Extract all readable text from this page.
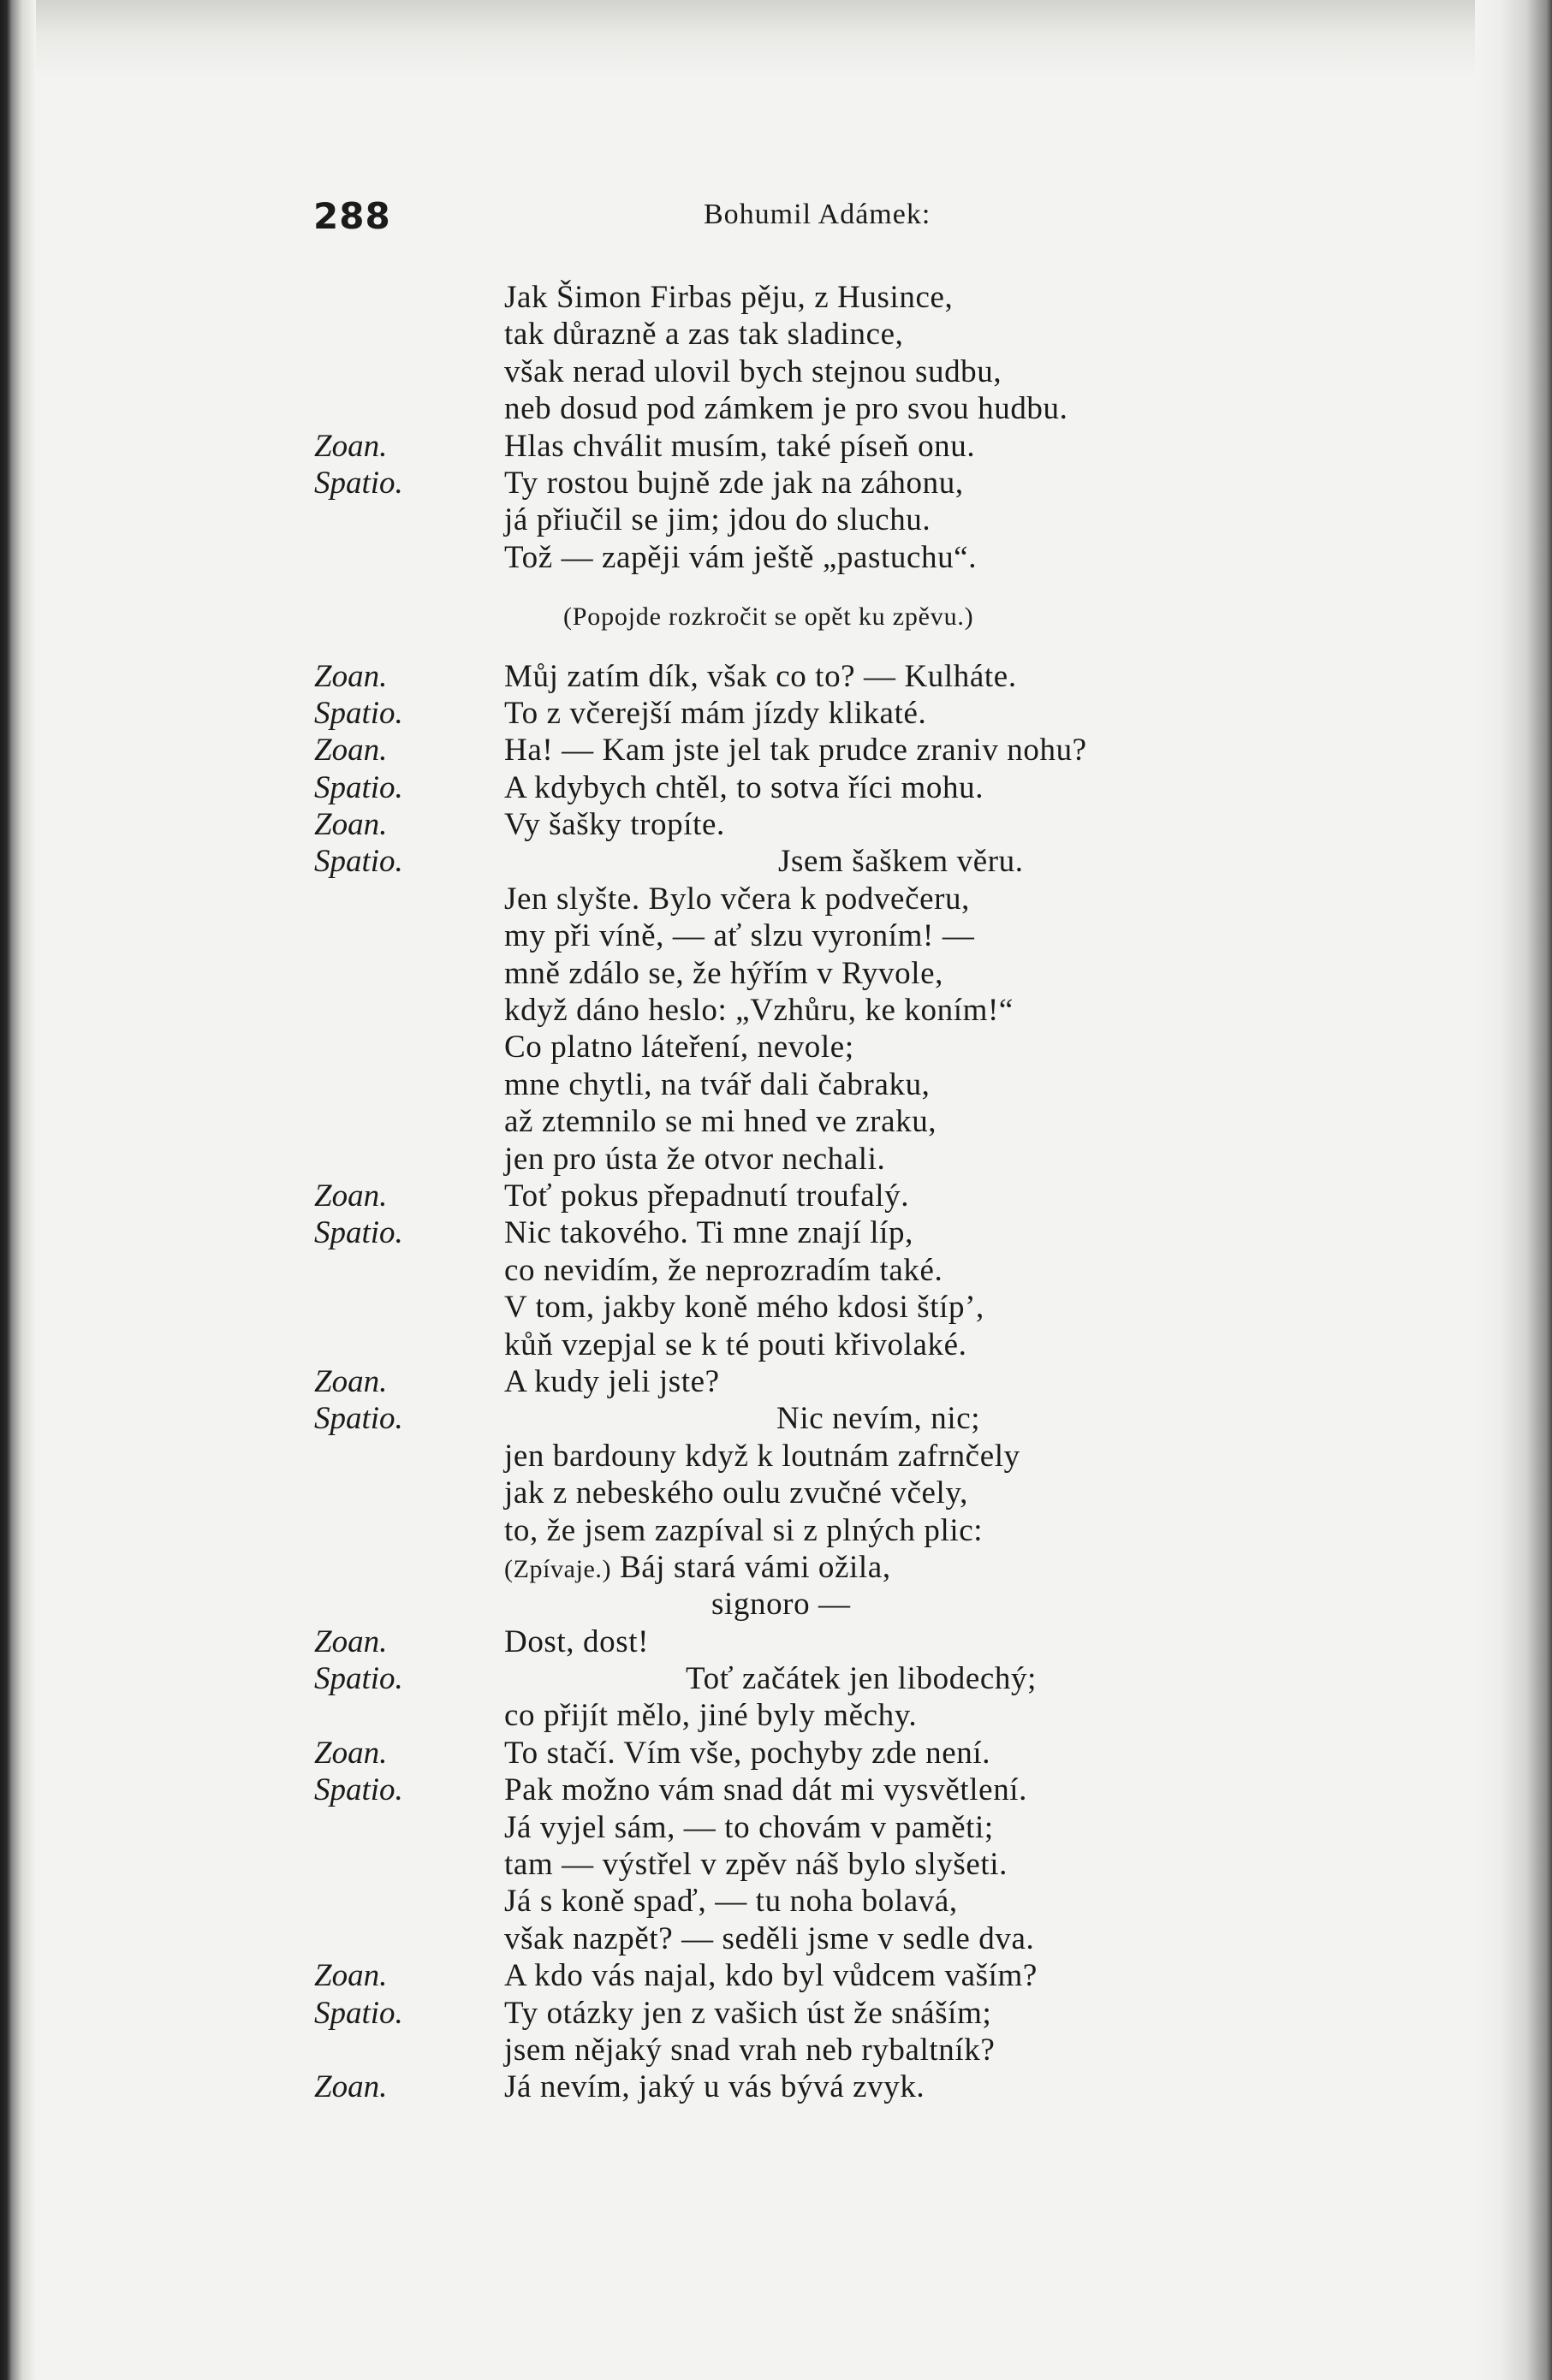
288	Bohumil Adámek:
Jak Šimon Firbas pěju, z Husince,
tak důrazně a zas tak sladince,
však nerad ulovil bych stejnou sudbu,
neb dosud pod zámkem je pro svou hudbu.
Zoan.	Hlas chválit musím, také píseň onu.
Spatio.	Ty rostou bujně zde jak na záhonu,
já přiučil se jim; jdou do sluchu.
Tož — zapěji vám ještě „pastuchu“.
(Popojde rozkročit se opět ku zpěvu.)
Zoan.	Můj zatím dík, však co to? — Kulháte.
Spatio.	To z včerejší mám jízdy klikaté.
Zoan.	Ha! — Kam jste jel tak prudce zraniv nohu?
Spatio.	A kdybych chtěl, to sotva říci mohu.
Zoan.	Vy šašky tropíte.
Spatio.	Jsem šaškem věru.
Jen slyšte. Bylo včera k podvečeru,
my při víně, — ať slzu vyroním! —
mně zdálo se, že hýřím v Ryvole,
když dáno heslo: „Vzhůru, ke koním!“
Co platno láteření, nevole;
mne chytli, na tvář dali čabraku,
až ztemnilo se mi hned ve zraku,
jen pro ústa že otvor nechali.
Zoan.	Toť pokus přepadnutí troufalý.
Spatio.	Nic takového. Ti mne znají líp,
co nevidím, že neprozradím také.
V tom, jakby koně mého kdosi štíp’,
kůň vzepjal se k té pouti křivolaké.
Zoan.	A kudy jeli jste?
Spatio.	Nic nevím, nic;
jen bardouny když k loutnám zafrnčely
jak z nebeského oulu zvučné včely,
to, že jsem zazpíval si z plných plic:
(Zpívaje.) Báj stará vámi ožila,
signoro —
Zoan.	Dost, dost!
Spatio.	Toť začátek jen libodechý;
co přijít mělo, jiné byly měchy.
Zoan.	To stačí. Vím vše, pochyby zde není.
Spatio.	Pak možno vám snad dát mi vysvětlení.
Já vyjel sám, — to chovám v paměti;
tam — výstřel v zpěv náš bylo slyšeti.
Já s koně spaď, — tu noha bolavá,
však nazpět? — seděli jsme v sedle dva.
Zoan.	A kdo vás najal, kdo byl vůdcem vaším?
Spatio.	Ty otázky jen z vašich úst že snáším;
jsem nějaký snad vrah neb rybaltník?
Zoan.	Já nevím, jaký u vás bývá zvyk.
